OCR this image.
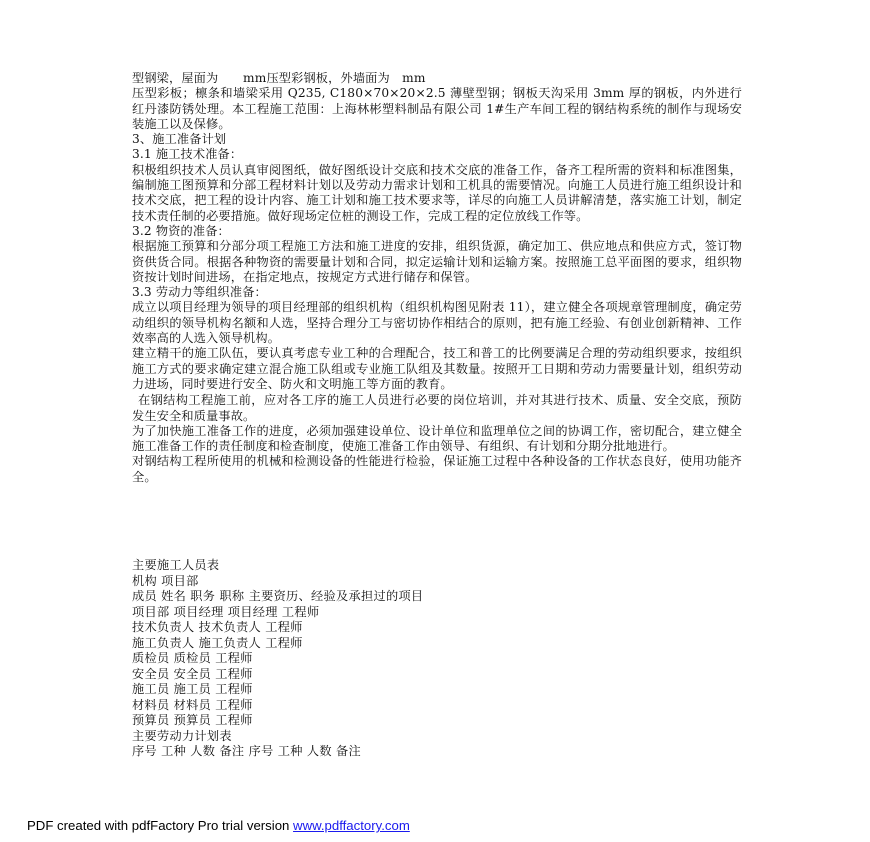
型钢梁，屋面为　　mm压型彩钢板，外墙面为　mm

压型彩板；檩条和墙梁采用 Q235, C180×70×20×2.5 薄壁型钢；钢板天沟采用 3mm 厚的钢板，内外进行红丹漆防锈处理。本工程施工范围：上海林彬塑料制品有限公司 1#生产车间工程的钢结构系统的制作与现场安装施工以及保修。

3、施工准备计划

3.1 施工技术准备：

积极组织技术人员认真审阅图纸，做好图纸设计交底和技术交底的准备工作，备齐工程所需的资料和标准图集，编制施工图预算和分部工程材料计划以及劳动力需求计划和工机具的需要情况。向施工人员进行施工组织设计和技术交底，把工程的设计内容、施工计划和施工技术要求等，详尽的向施工人员讲解清楚，落实施工计划，制定技术责任制的必要措施。做好现场定位桩的测设工作，完成工程的定位放线工作等。

3.2 物资的准备：

根据施工预算和分部分项工程施工方法和施工进度的安排，组织货源，确定加工、供应地点和供应方式，签订物资供货合同。根据各种物资的需要量计划和合同，拟定运输计划和运输方案。按照施工总平面图的要求，组织物资按计划时间进场，在指定地点，按规定方式进行储存和保管。

3.3 劳动力等组织准备：

成立以项目经理为领导的项目经理部的组织机构（组织机构图见附表 11），建立健全各项规章管理制度，确定劳动组织的领导机构名额和人选，坚持合理分工与密切协作相结合的原则，把有施工经验、有创业创新精神、工作效率高的人选入领导机构。

建立精干的施工队伍，要认真考虑专业工种的合理配合，技工和普工的比例要满足合理的劳动组织要求，按组织施工方式的要求确定建立混合施工队组或专业施工队组及其数量。按照开工日期和劳动力需要量计划，组织劳动力进场，同时要进行安全、防火和文明施工等方面的教育。

在钢结构工程施工前，应对各工序的施工人员进行必要的岗位培训，并对其进行技术、质量、安全交底，预防发生安全和质量事故。

为了加快施工准备工作的进度，必须加强建设单位、设计单位和监理单位之间的协调工作，密切配合，建立健全施工准备工作的责任制度和检查制度，使施工准备工作由领导、有组织、有计划和分期分批地进行。

对钢结构工程所使用的机械和检测设备的性能进行检验，保证施工过程中各种设备的工作状态良好，使用功能齐全。

主要施工人员表

机构 项目部

成员 姓名 职务 职称 主要资历、经验及承担过的项目

项目部 项目经理 项目经理 工程师

技术负责人 技术负责人 工程师

施工负责人 施工负责人 工程师

质检员 质检员 工程师

安全员 安全员 工程师

施工员 施工员 工程师

材料员 材料员 工程师

预算员 预算员 工程师

主要劳动力计划表

序号 工种 人数 备注 序号 工种 人数 备注

PDF created with pdfFactory Pro trial version www.pdffactory.com
